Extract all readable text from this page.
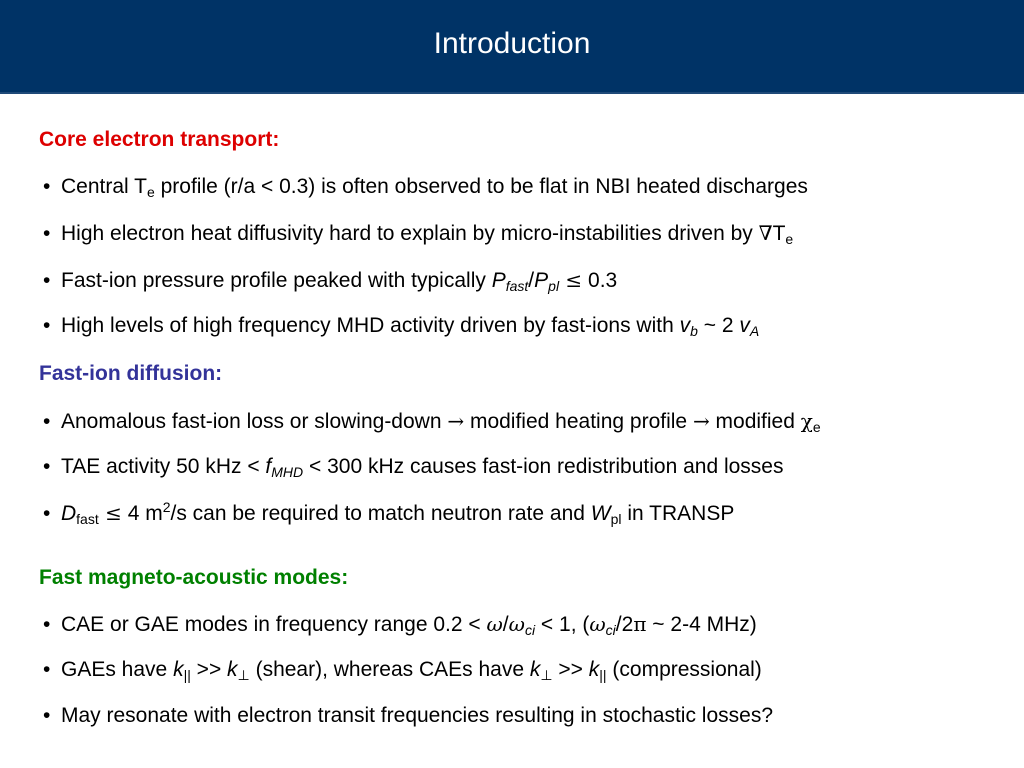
Introduction
Core electron transport:
• Central $T_e$ profile (r/a < 0.3) is often observed to be flat in NBI heated discharges
• High electron heat diffusivity hard to explain by micro-instabilities driven by $\nabla T_e$
• Fast-ion pressure profile peaked with typically $P_{fast}/P_{pl} \le 0.3$
• High levels of high frequency MHD activity driven by fast-ions with $v_b$ ~ 2 $v_A$
Fast-ion diffusion:
• Anomalous fast-ion loss or slowing-down → modified heating profile → modified $\chi_e$
• TAE activity 50 kHz < $f_{MHD} < 300$ kHz causes fast-ion redistribution and losses
• $D_{fast} \le 4$ $m^2/s$ can be required to match neutron rate and $W_{pl}$ in TRANSP
Fast magneto-acoustic modes:
• CAE or GAE modes in frequency range $0.2 < \omega/\omega_{ci} < 1$, ($\omega_{ci}/2\pi$ ~ 2-4 MHz)
• GAEs have $k_{||} >> k_\perp$ (shear), whereas CAEs have $k_\perp >> k_{||}$ (compressional)
• May resonate with electron transit frequencies resulting in stochastic losses?
